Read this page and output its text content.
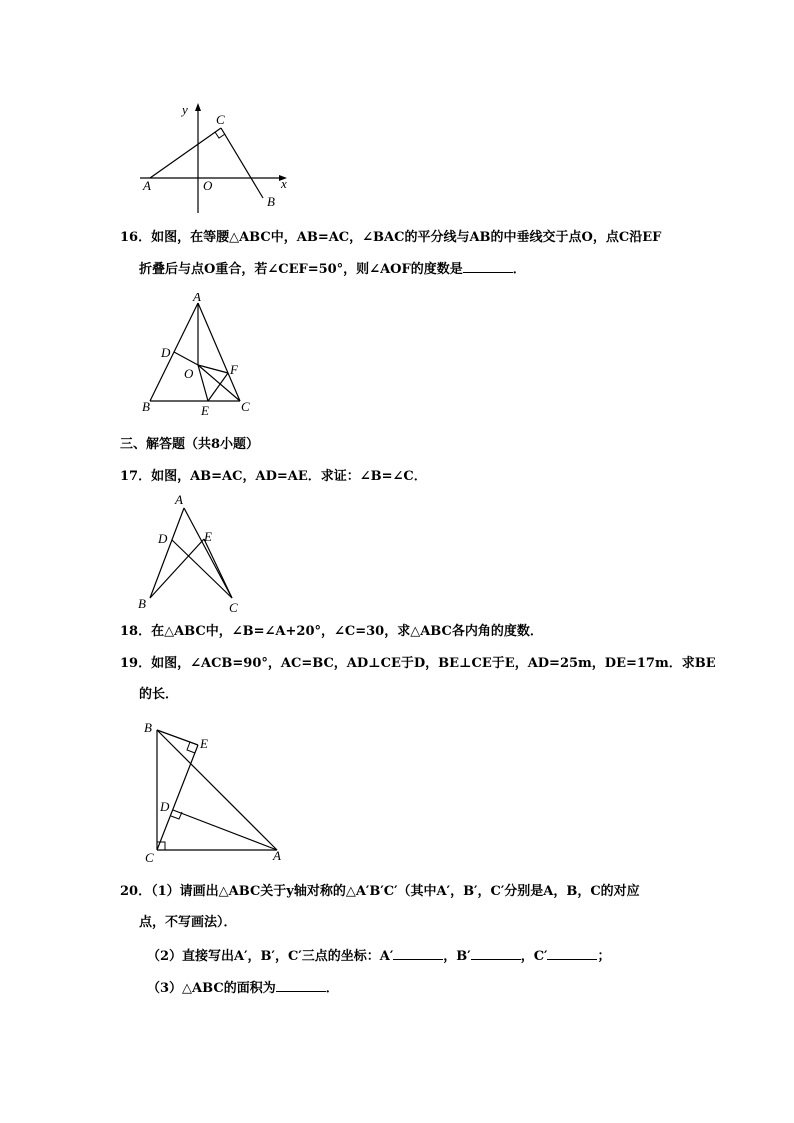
y
x
C
A	O
B
16．如图，在等腰△ABC中，AB=AC，∠BAC的平分线与AB的中垂线交于点O，点C沿EF
折叠后与点O重合，若∠CEF=50°，则∠AOF的度数是	．
A
D
O	F
B	E C
三、解答题（共8小题）
17．如图，AB=AC，AD=AE．求证：∠B=∠C．
A
D	E
B	C
18．在△ABC中，∠B=∠A+20°，∠C=30，求△ABC各内角的度数．
19．如图，∠ACB=90°，AC=BC，AD⊥CE于D，BE⊥CE于E，AD=25m，DE=17m．求BE
的长．
B
E
D
C	A
20．（1）请画出△ABC关于y轴对称的△A′B′C′（其中A′，B′，C′分别是A，B，C的对应
点，不写画法）．
（2）直接写出A′，B′，C′三点的坐标：A′	，B′	，C′	；
（3）△ABC的面积为	．
